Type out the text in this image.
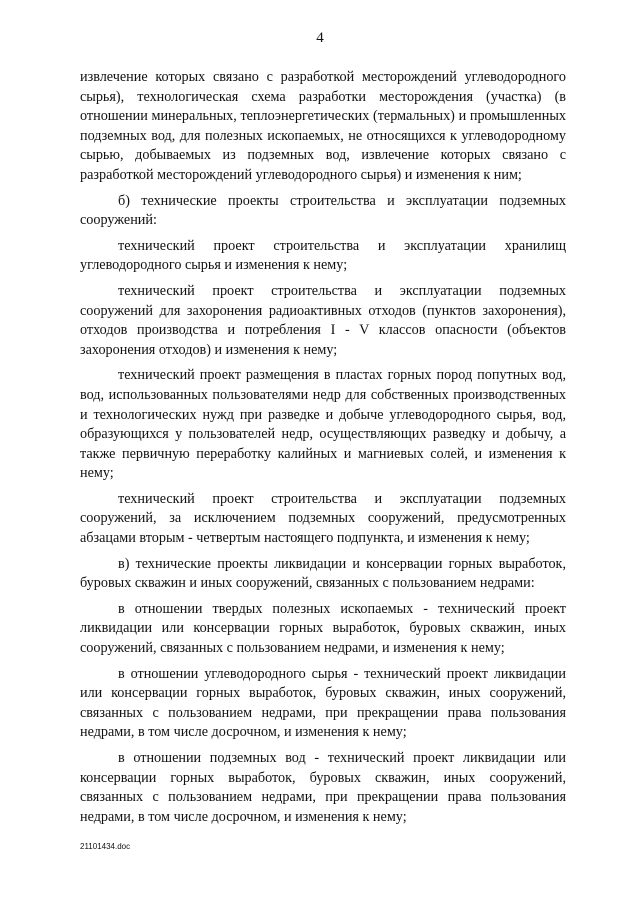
4

извлечение которых связано с разработкой месторождений углеводородного сырья), технологическая схема разработки месторождения (участка) (в отношении минеральных, теплоэнергетических (термальных) и промышленных подземных вод, для полезных ископаемых, не относящихся к углеводородному сырью, добываемых из подземных вод, извлечение которых связано с разработкой месторождений углеводородного сырья) и изменения к ним;

б) технические проекты строительства и эксплуатации подземных сооружений:

технический проект строительства и эксплуатации хранилищ углеводородного сырья и изменения к нему;

технический проект строительства и эксплуатации подземных сооружений для захоронения радиоактивных отходов (пунктов захоронения), отходов производства и потребления I - V классов опасности (объектов захоронения отходов) и изменения к нему;

технический проект размещения в пластах горных пород попутных вод, вод, использованных пользователями недр для собственных производственных и технологических нужд при разведке и добыче углеводородного сырья, вод, образующихся у пользователей недр, осуществляющих разведку и добычу, а также первичную переработку калийных и магниевых солей, и изменения к нему;

технический проект строительства и эксплуатации подземных сооружений, за исключением подземных сооружений, предусмотренных абзацами вторым - четвертым настоящего подпункта, и изменения к нему;

в) технические проекты ликвидации и консервации горных выработок, буровых скважин и иных сооружений, связанных с пользованием недрами:

в отношении твердых полезных ископаемых - технический проект ликвидации или консервации горных выработок, буровых скважин, иных сооружений, связанных с пользованием недрами, и изменения к нему;

в отношении углеводородного сырья - технический проект ликвидации или консервации горных выработок, буровых скважин, иных сооружений, связанных с пользованием недрами, при прекращении права пользования недрами, в том числе досрочном, и изменения к нему;

в отношении подземных вод - технический проект ликвидации или консервации горных выработок, буровых скважин, иных сооружений, связанных с пользованием недрами, при прекращении права пользования недрами, в том числе досрочном, и изменения к нему;

21101434.doc
